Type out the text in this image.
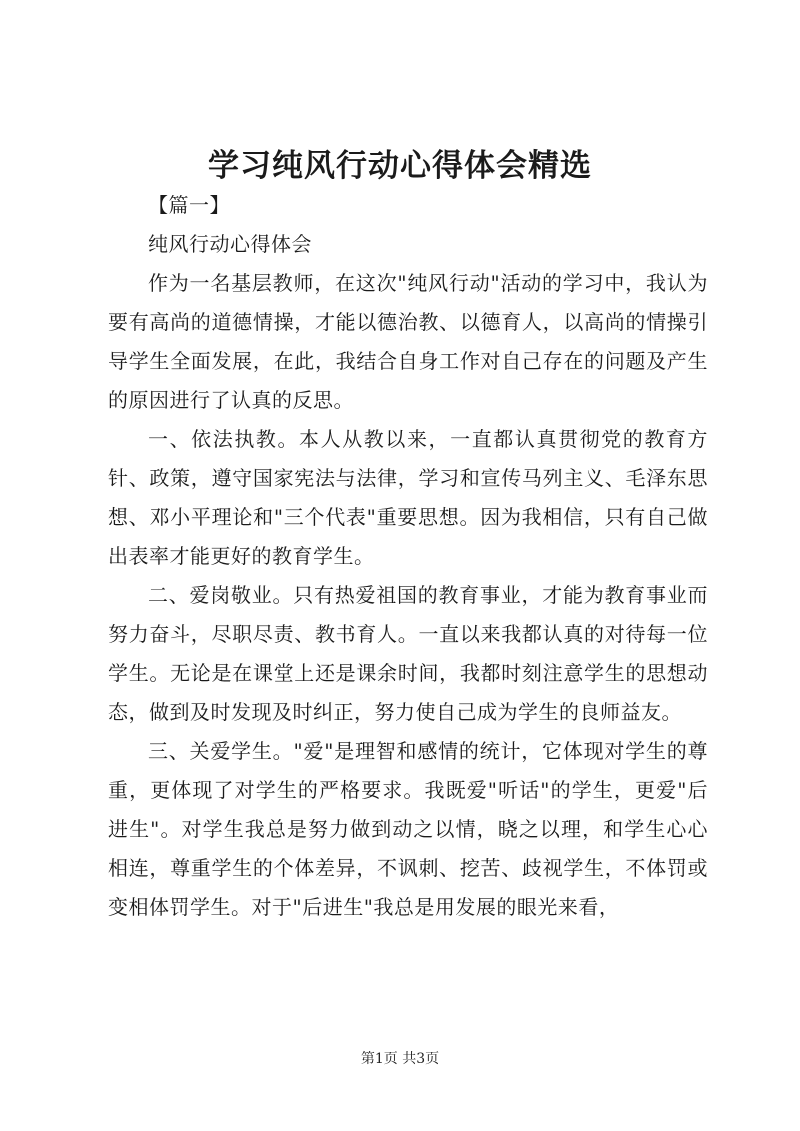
学习纯风行动心得体会精选

【篇一】

纯风行动心得体会

作为一名基层教师，在这次"纯风行动"活动的学习中，我认为要有高尚的道德情操，才能以德治教、以德育人，以高尚的情操引导学生全面发展，在此，我结合自身工作对自己存在的问题及产生的原因进行了认真的反思。

一、依法执教。本人从教以来，一直都认真贯彻党的教育方针、政策，遵守国家宪法与法律，学习和宣传马列主义、毛泽东思想、邓小平理论和"三个代表"重要思想。因为我相信，只有自己做出表率才能更好的教育学生。

二、爱岗敬业。只有热爱祖国的教育事业，才能为教育事业而努力奋斗，尽职尽责、教书育人。一直以来我都认真的对待每一位学生。无论是在课堂上还是课余时间，我都时刻注意学生的思想动态，做到及时发现及时纠正，努力使自己成为学生的良师益友。

三、关爱学生。"爱"是理智和感情的统计，它体现对学生的尊重，更体现了对学生的严格要求。我既爱"听话"的学生，更爱"后进生"。对学生我总是努力做到动之以情，晓之以理，和学生心心相连，尊重学生的个体差异，不讽刺、挖苦、歧视学生，不体罚或变相体罚学生。对于"后进生"我总是用发展的眼光来看，

第1页 共3页
